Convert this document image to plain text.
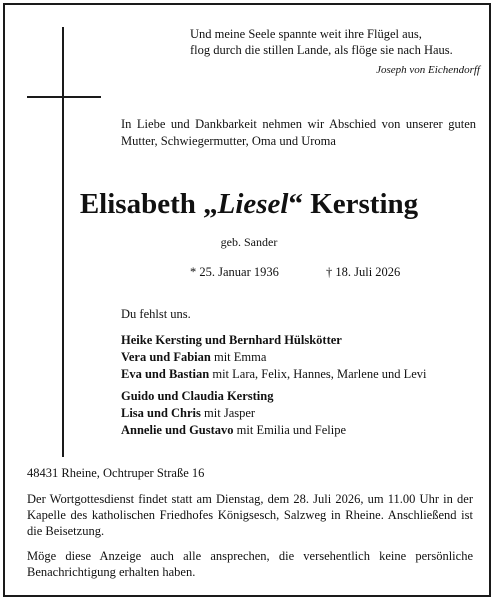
Und meine Seele spannte weit ihre Flügel aus,
flog durch die stillen Lande, als flöge sie nach Haus.
Joseph von Eichendorff
In Liebe und Dankbarkeit nehmen wir Abschied von unserer guten Mutter, Schwiegermutter, Oma und Uroma
Elisabeth „Liesel“ Kersting
geb. Sander
* 25. Januar 1936	† 18. Juli 2026
Du fehlst uns.
Heike Kersting und Bernhard Hülskötter
Vera und Fabian mit Emma
Eva und Bastian mit Lara, Felix, Hannes, Marlene und Levi
Guido und Claudia Kersting
Lisa und Chris mit Jasper
Annelie und Gustavo mit Emilia und Felipe
48431 Rheine, Ochtruper Straße 16
Der Wortgottesdienst findet statt am Dienstag, dem 28. Juli 2026, um 11.00 Uhr in der Kapelle des katholischen Friedhofes Königsesch, Salzweg in Rheine. Anschließend ist die Beisetzung.
Möge diese Anzeige auch alle ansprechen, die versehentlich keine persönliche Benachrichtigung erhalten haben.
